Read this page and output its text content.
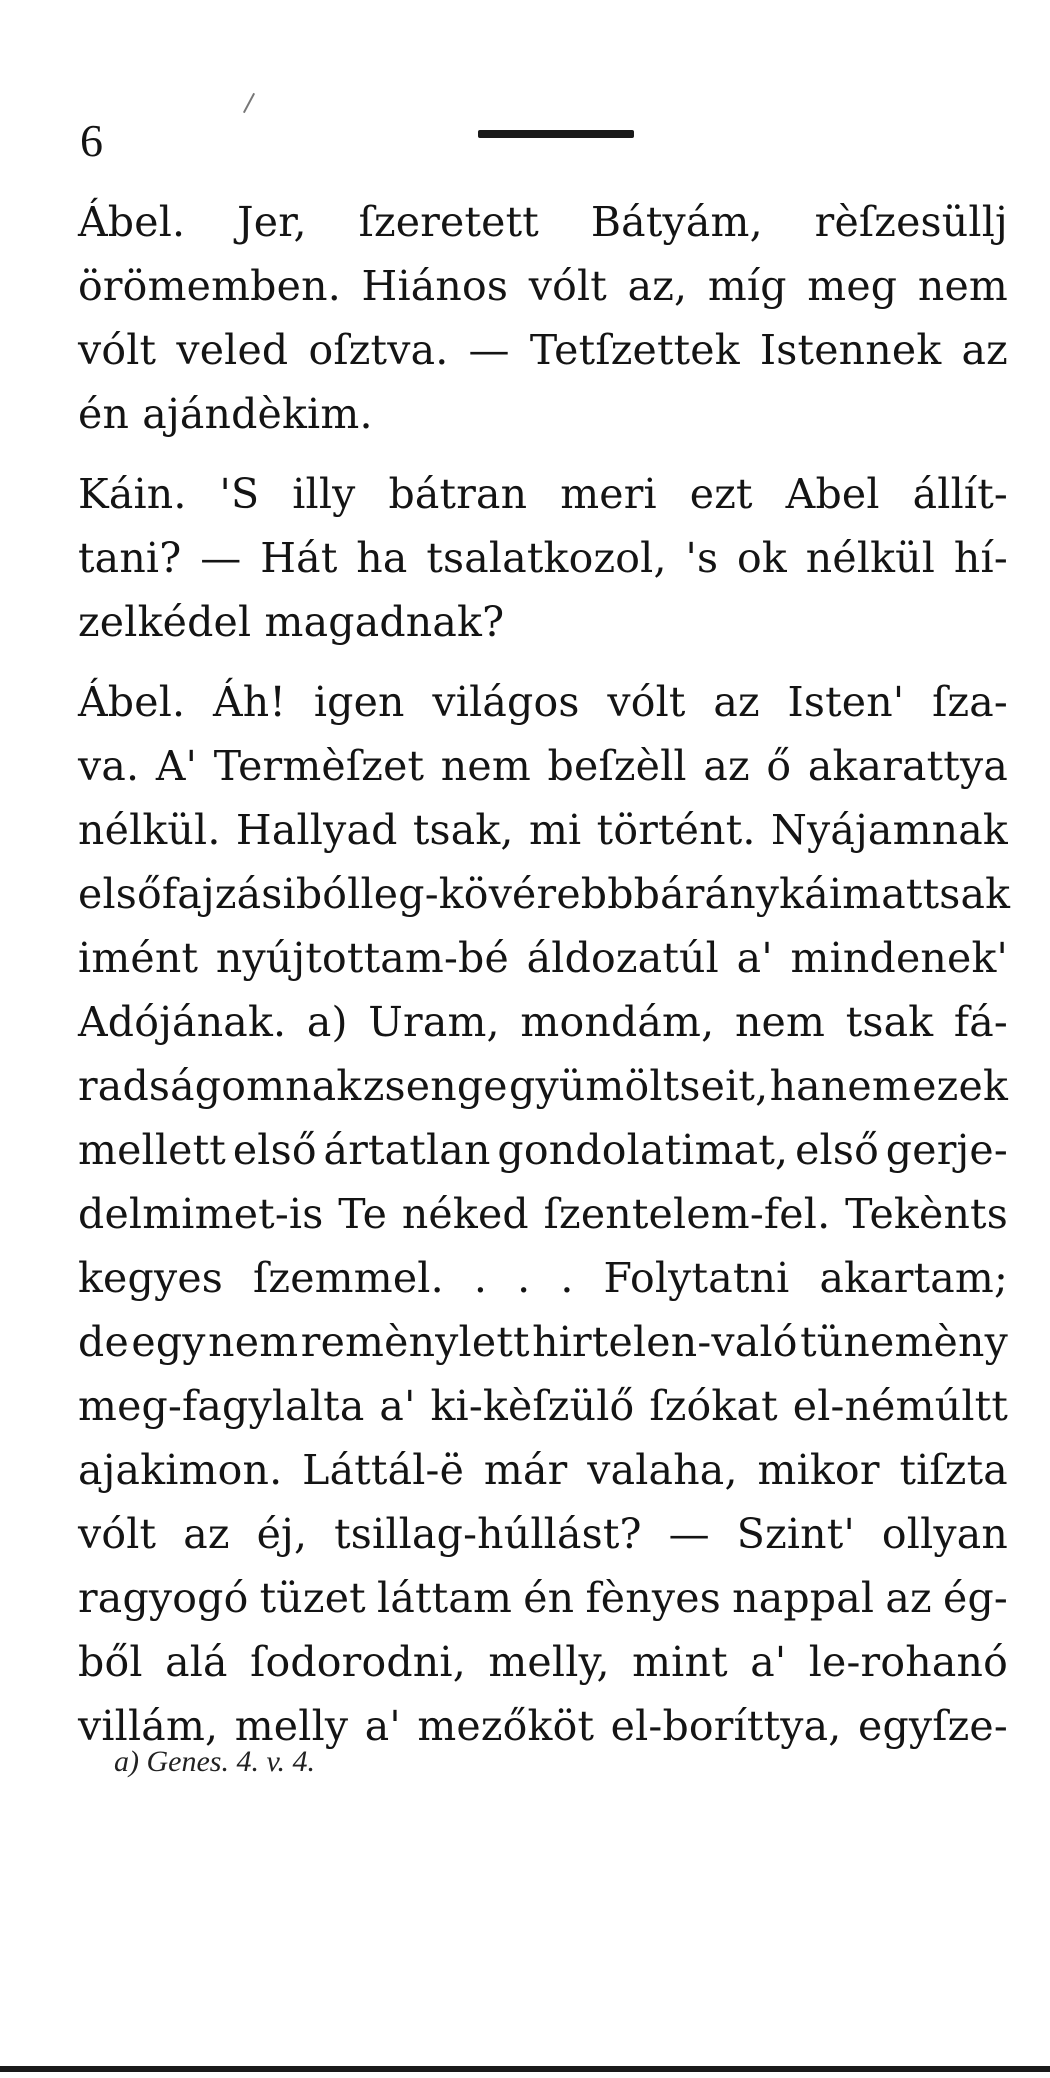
6
Ábel. Jer, ſzeretett Bátyám, rèſzesüllj
örömemben. Hiános vólt az, míg meg nem
vólt veled oſztva. — Tetſzettek Istennek az
én ajándèkim.
Káin. 'S illy bátran meri ezt Abel állít-
tani? — Hát ha tsalatkozol, 's ok nélkül hí-
zelkédel magadnak?
Ábel. Áh! igen világos vólt az Isten' ſza-
va. A' Termèſzet nem beſzèll az ő akarattya
nélkül. Hallyad tsak, mi történt. Nyájamnak
első fajzásiból leg-kövérebb báránykáimat tsak
imént nyújtottam-bé áldozatúl a' mindenek'
Adójának. a) Uram, mondám, nem tsak fá-
radságomnak zsenge gyümöltseit, hanem ezek
mellett első ártatlan gondolatimat, első gerje-
delmimet-is Te néked ſzentelem-fel. Tekènts
kegyes ſzemmel. . . . Folytatni akartam;
de egy nem remènylett hirtelen-való tünemèny
meg-fagylalta a' ki-kèſzülő ſzókat el-némúltt
ajakimon. Láttál-ë már valaha, mikor tiſzta
vólt az éj, tsillag-húllást? — Szint' ollyan
ragyogó tüzet láttam én fènyes nappal az ég-
ből alá ſodorodni, melly, mint a' le-rohanó
villám, melly a' mezőköt el-boríttya, egyſze-
a) Genes. 4. v. 4.
